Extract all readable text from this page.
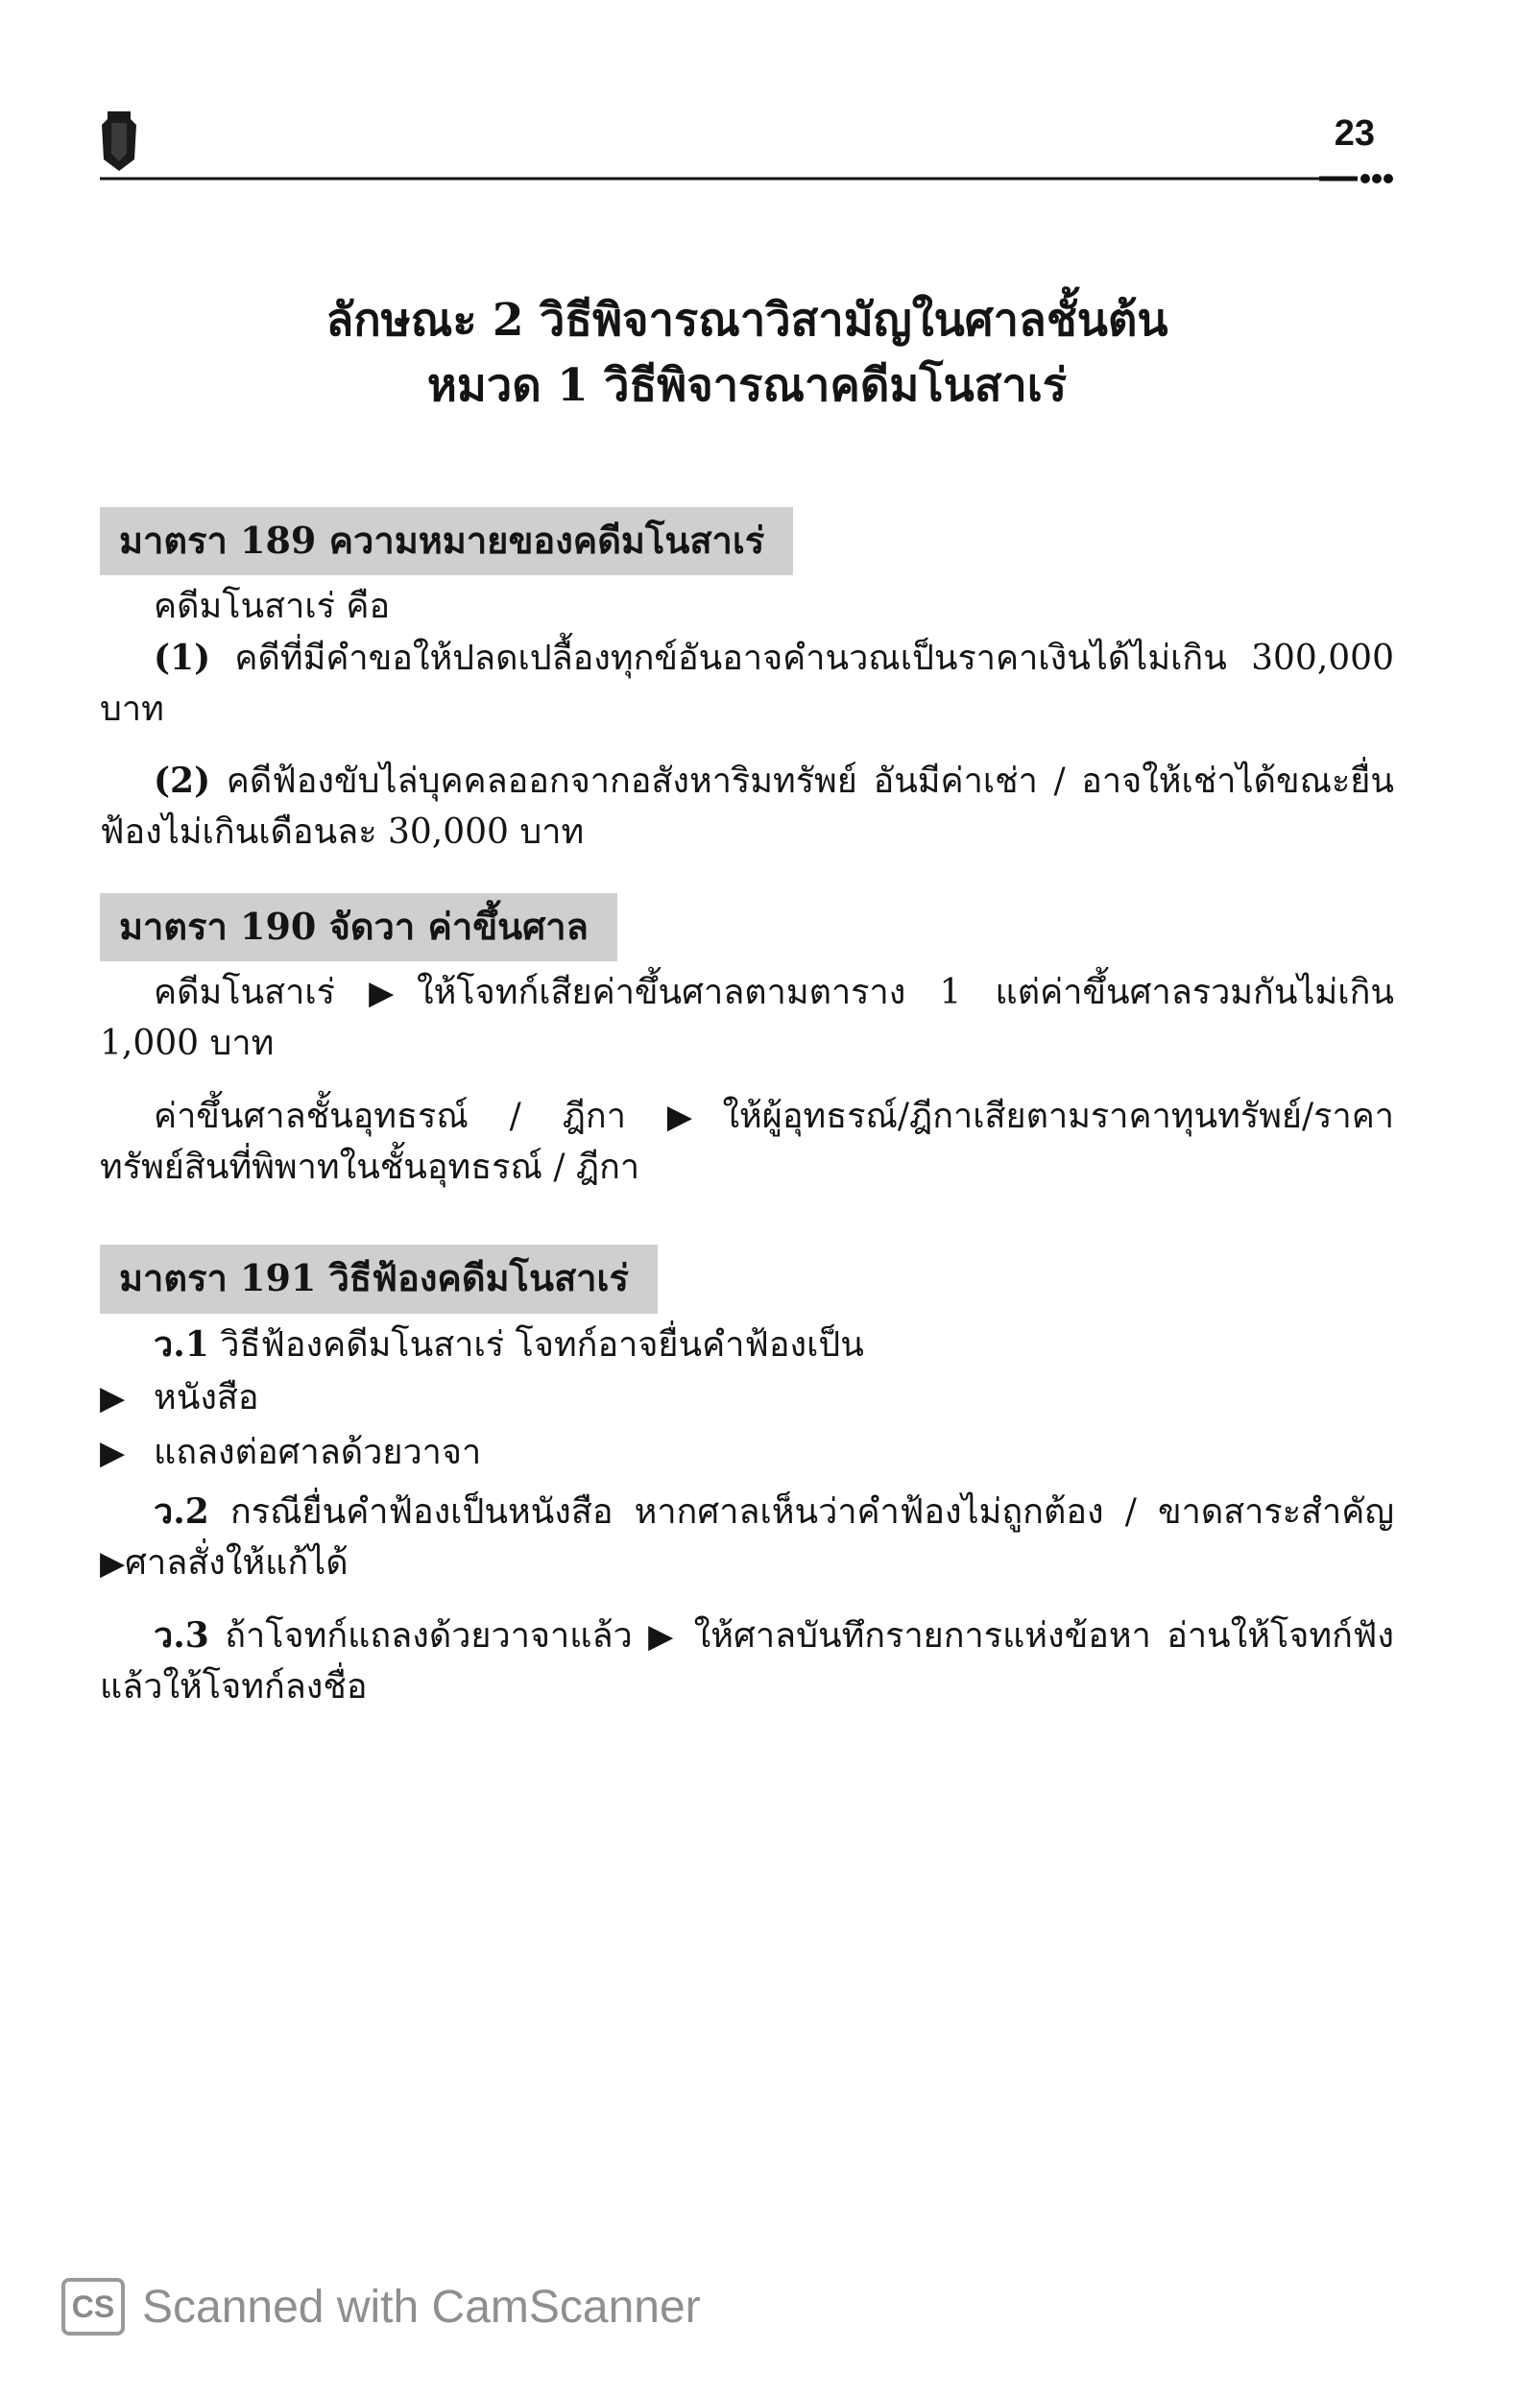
23
ลักษณะ 2 วิธีพิจารณาวิสามัญในศาลชั้นต้น
หมวด 1 วิธีพิจารณาคดีมโนสาเร่
มาตรา 189 ความหมายของคดีมโนสาเร่

คดีมโนสาเร่ คือ

(1) คดีที่มีคำขอให้ปลดเปลื้องทุกข์อันอาจคำนวณเป็นราคาเงินได้ไม่เกิน 300,000 บาท

(2) คดีฟ้องขับไล่บุคคลออกจากอสังหาริมทรัพย์ อันมีค่าเช่า / อาจให้เช่าได้ขณะยื่นฟ้องไม่เกินเดือนละ 30,000 บาท

มาตรา 190 จัดวา ค่าขึ้นศาล

คดีมโนสาเร่ ▶ให้โจทก์เสียค่าขึ้นศาลตามตาราง 1 แต่ค่าขึ้นศาลรวมกันไม่เกิน 1,000 บาท

ค่าขึ้นศาลชั้นอุทธรณ์ / ฎีกา ▶ให้ผู้อุทธรณ์/ฎีกาเสียตามราคาทุนทรัพย์/ราคาทรัพย์สินที่พิพาทในชั้นอุทธรณ์ / ฎีกา

มาตรา 191 วิธีฟ้องคดีมโนสาเร่

ว.1 วิธีฟ้องคดีมโนสาเร่ โจทก์อาจยื่นคำฟ้องเป็น

▶ หนังสือ
▶ แถลงต่อศาลด้วยวาจา

ว.2 กรณียื่นคำฟ้องเป็นหนังสือ หากศาลเห็นว่าคำฟ้องไม่ถูกต้อง / ขาดสาระสำคัญ ▶ศาลสั่งให้แก้ได้

ว.3 ถ้าโจทก์แถลงด้วยวาจาแล้ว ▶ ให้ศาลบันทึกรายการแห่งข้อหา อ่านให้โจทก์ฟัง แล้วให้โจทก์ลงชื่อ

CS Scanned with CamScanner
